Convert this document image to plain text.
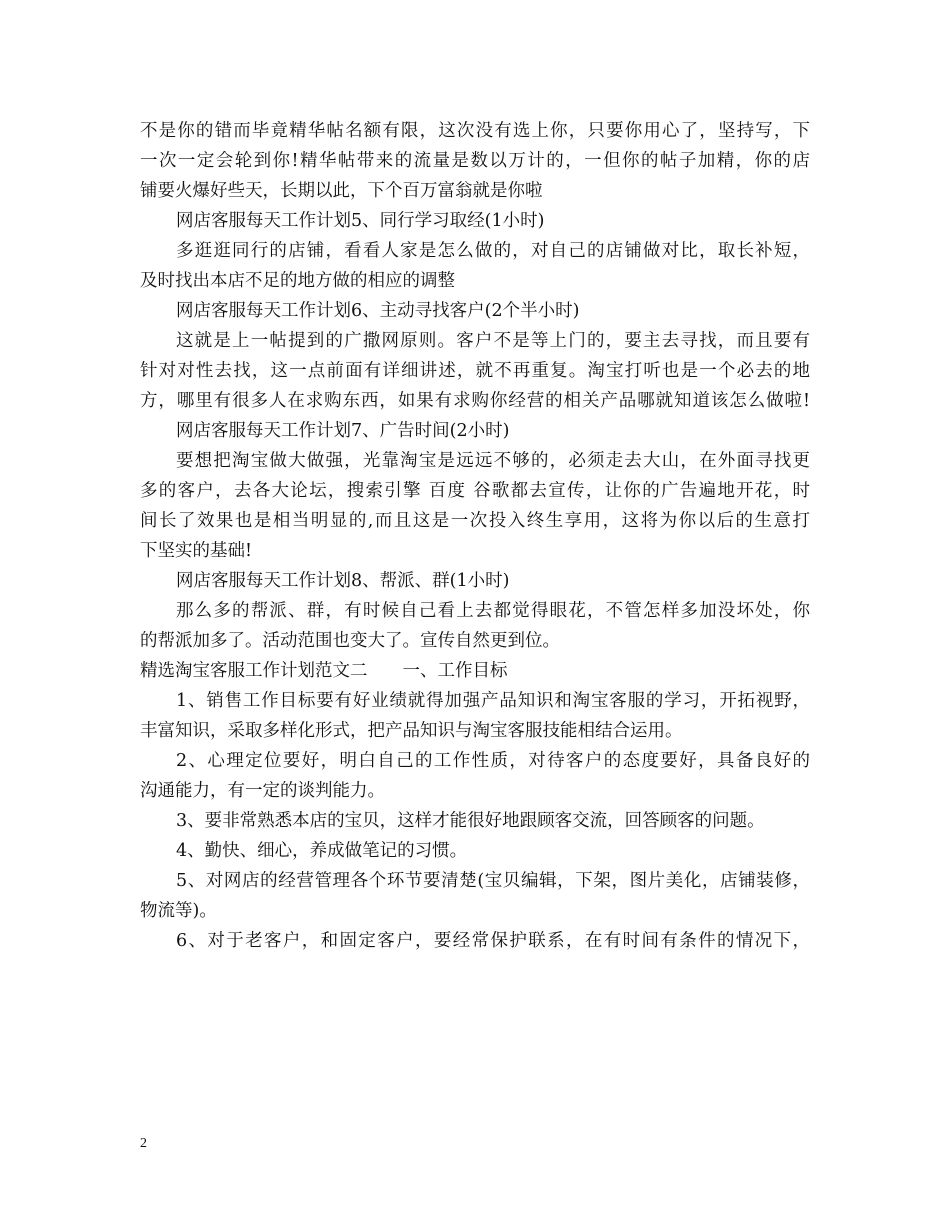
不是你的错而毕竟精华帖名额有限，这次没有选上你，只要你用心了，坚持写，下
一次一定会轮到你!精华帖带来的流量是数以万计的，一但你的帖子加精，你的店
铺要火爆好些天，长期以此，下个百万富翁就是你啦
网店客服每天工作计划5、同行学习取经(1小时)
多逛逛同行的店铺，看看人家是怎么做的，对自己的店铺做对比，取长补短，
及时找出本店不足的地方做的相应的调整
网店客服每天工作计划6、主动寻找客户(2个半小时)
这就是上一帖提到的广撒网原则。客户不是等上门的，要主去寻找，而且要有
针对对性去找，这一点前面有详细讲述，就不再重复。淘宝打听也是一个必去的地
方，哪里有很多人在求购东西，如果有求购你经营的相关产品哪就知道该怎么做啦!
网店客服每天工作计划7、广告时间(2小时)
要想把淘宝做大做强，光靠淘宝是远远不够的，必须走去大山，在外面寻找更
多的客户，去各大论坛，搜索引擎 百度 谷歌都去宣传，让你的广告遍地开花，时
间长了效果也是相当明显的,而且这是一次投入终生享用，这将为你以后的生意打
下坚实的基础!
网店客服每天工作计划8、帮派、群(1小时)
那么多的帮派、群，有时候自己看上去都觉得眼花，不管怎样多加没坏处，你
的帮派加多了。活动范围也变大了。宣传自然更到位。
精选淘宝客服工作计划范文二　　一、工作目标
1、销售工作目标要有好业绩就得加强产品知识和淘宝客服的学习，开拓视野，
丰富知识，采取多样化形式，把产品知识与淘宝客服技能相结合运用。
2、心理定位要好，明白自己的工作性质，对待客户的态度要好，具备良好的
沟通能力，有一定的谈判能力。
3、要非常熟悉本店的宝贝，这样才能很好地跟顾客交流，回答顾客的问题。
4、勤快、细心，养成做笔记的习惯。
5、对网店的经营管理各个环节要清楚(宝贝编辑，下架，图片美化，店铺装修，
物流等)。
6、对于老客户，和固定客户，要经常保护联系，在有时间有条件的情况下，
2
